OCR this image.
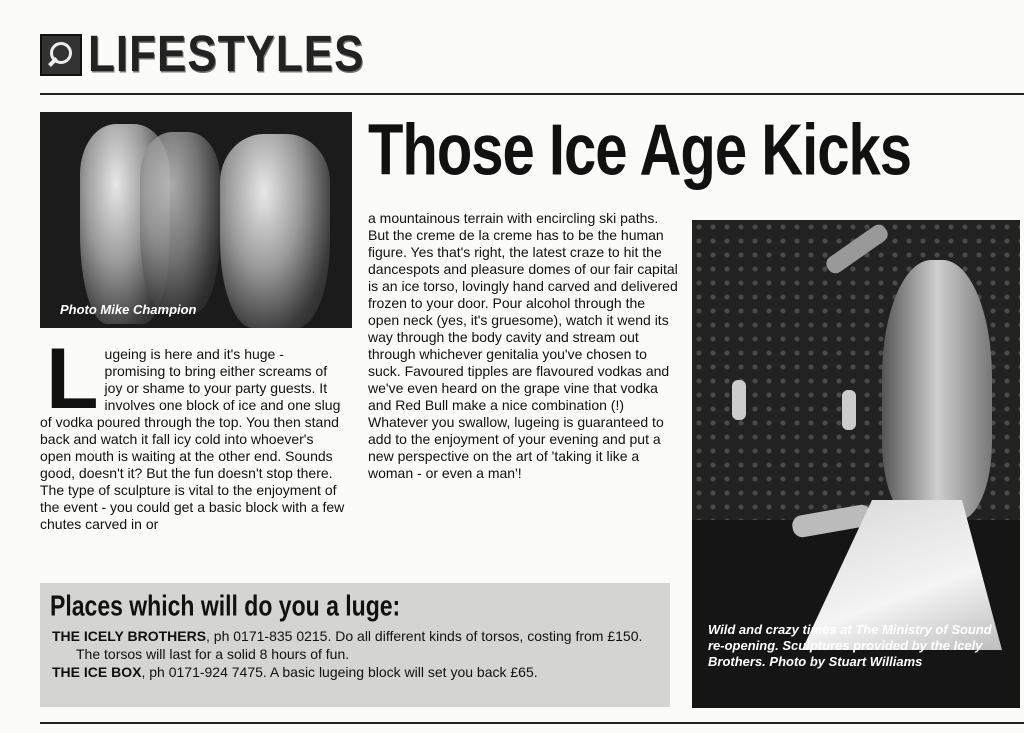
LIFESTYLES
Photo Mike Champion
Those Ice Age Kicks
L ugeing is here and it's huge - promising to bring either screams of joy or shame to your party guests. It involves one block of ice and one slug of vodka poured through the top. You then stand back and watch it fall icy cold into whoever's open mouth is waiting at the other end. Sounds good, doesn't it? But the fun doesn't stop there. The type of sculpture is vital to the enjoyment of the event - you could get a basic block with a few chutes carved in or

a mountainous terrain with encircling ski paths. But the creme de la creme has to be the human figure. Yes that's right, the latest craze to hit the dancespots and pleasure domes of our fair capital is an ice torso, lovingly hand carved and delivered frozen to your door. Pour alcohol through the open neck (yes, it's gruesome), watch it wend its way through the body cavity and stream out through whichever genitalia you've chosen to suck. Favoured tipples are flavoured vodkas and we've even heard on the grape vine that vodka and Red Bull make a nice combination (!) Whatever you swallow, lugeing is guaranteed to add to the enjoyment of your evening and put a new perspective on the art of 'taking it like a woman - or even a man'!

Wild and crazy times at The Ministry of Sound re-opening. Sculptures provided by the Icely Brothers. Photo by Stuart Williams
Places which will do you a luge:

THE ICELY BROTHERS, ph 0171-835 0215. Do all different kinds of torsos, costing from £150. The torsos will last for a solid 8 hours of fun.

THE ICE BOX, ph 0171-924 7475. A basic lugeing block will set you back £65.
